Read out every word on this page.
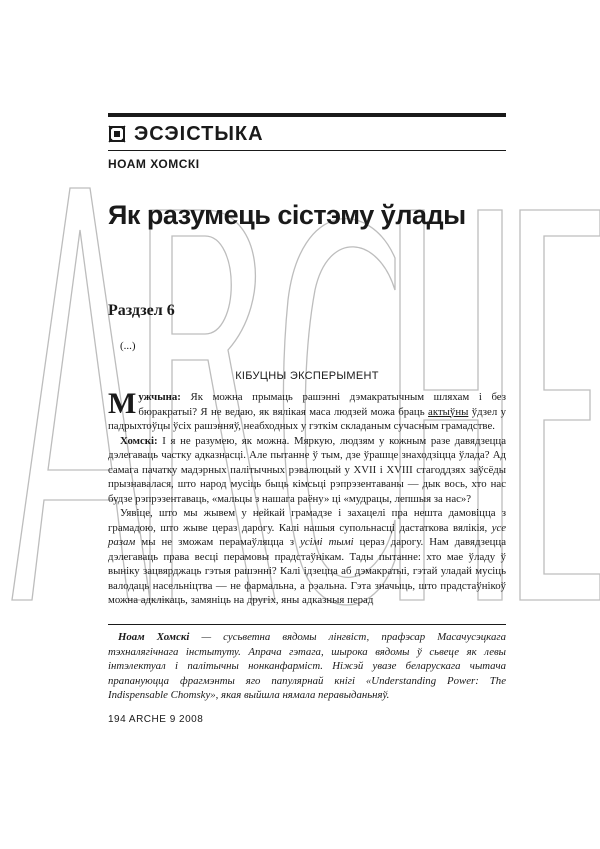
ЭСЭІСТЫКА
НОАМ ХОМСКІ
Як разумець сістэму ўлады
Раздзел 6
(...)
КІБУЦНЫ ЭКСПЕРЫМЕНТ

Мужчына: Як можна прымаць рашэнні дэмакратычным шляхам і без бюракратыі? Я не ведаю, як вялікая маса людзей можа браць актыўны ўдзел у падрыхтоўцы ўсіх рашэнняў, неабходных у гэткім складаным сучасным грамадстве.

Хомскі: I я не разумею, як можна. Мяркую, людзям у кожным разе давядзецца дэлегаваць частку адказнасці. Але пытанне ў тым, дзе ўрашце знаходзіцца ўлада? Ад самага пачатку мадэрных палітычных рэвалюцый у XVII і XVIII стагоддзях заўсёды прызнавалася, што народ мусіць быць кімсьці рэпрэзентаваны — дык вось, хто нас будзе рэпрэзентаваць, «мальцы з нашага раёну» ці «мудрацы, лепшыя за нас»?

Уявіце, што мы жывем у нейкай грамадзе і захацелі пра нешта дамовіцца з грамадою, што жыве церaз дарогу. Калі нашыя супольнасці дастаткова вялікія, усе разам мы не зможам перамаўляцца з усімі тымі церaз дарогу. Нам давядзецца дэлегаваць права весці перамовы прадстаўнікам. Тады пытанне: хто мае ўладу ў выніку зацвярджаць гэтыя рашэнні? Калі ідзецца аб дэмакратыі, гэтай уладай мусіць валодаць насельніцтва — не фармальна, а рэальна. Гэта значыць, што прадстаўнікоў можна адклікаць, замяніць на другіх, яны адказныя перад

Ноам Хомскі — сусьветна вядомы лінгвіст, прафэсар Масачусэцкага тэхналягічнага інстытуту. Апрача гэтага, шырока вядомы ў сьвеце як левы інтэлектуал і палітычны нонканфарміст. Ніжэй увазе беларускага чытача прапануюцца фрагмэнты яго папулярнай кнігі «Understanding Power: The Indispensable Chomsky», якая выйшла нямала перавыданьняў.
194 ARCHE 9 2008
